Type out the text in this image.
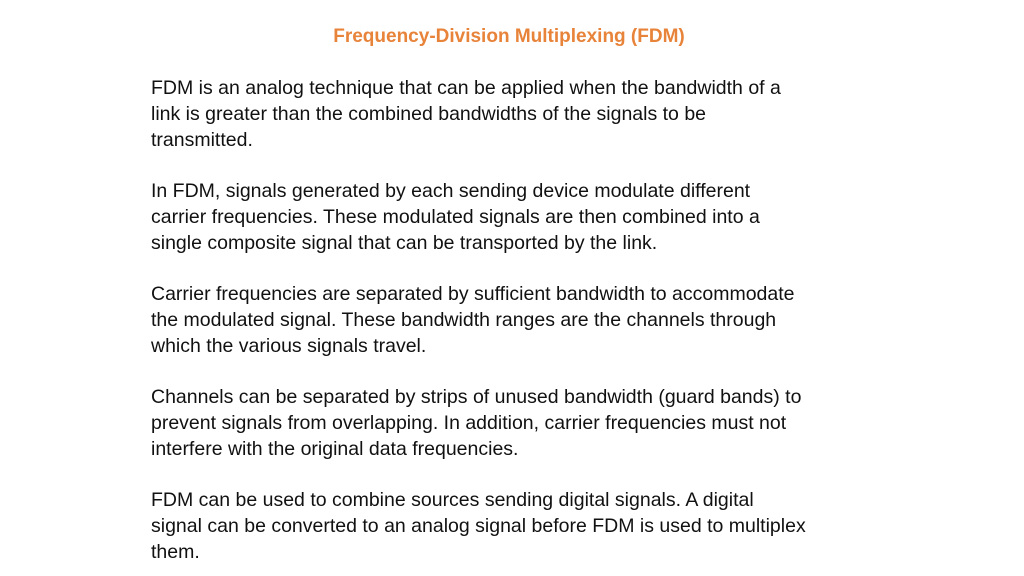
Frequency-Division Multiplexing (FDM)

FDM is an analog technique that can be applied when the bandwidth of a
link is greater than the combined bandwidths of the signals to be
transmitted.

In FDM, signals generated by each sending device modulate different
carrier frequencies. These modulated signals are then combined into a
single composite signal that can be transported by the link.

Carrier frequencies are separated by sufficient bandwidth to accommodate
the modulated signal. These bandwidth ranges are the channels through
which the various signals travel.

Channels can be separated by strips of unused bandwidth (guard bands) to
prevent signals from overlapping. In addition, carrier frequencies must not
interfere with the original data frequencies.

FDM can be used to combine sources sending digital signals. A digital
signal can be converted to an analog signal before FDM is used to multiplex
them.
